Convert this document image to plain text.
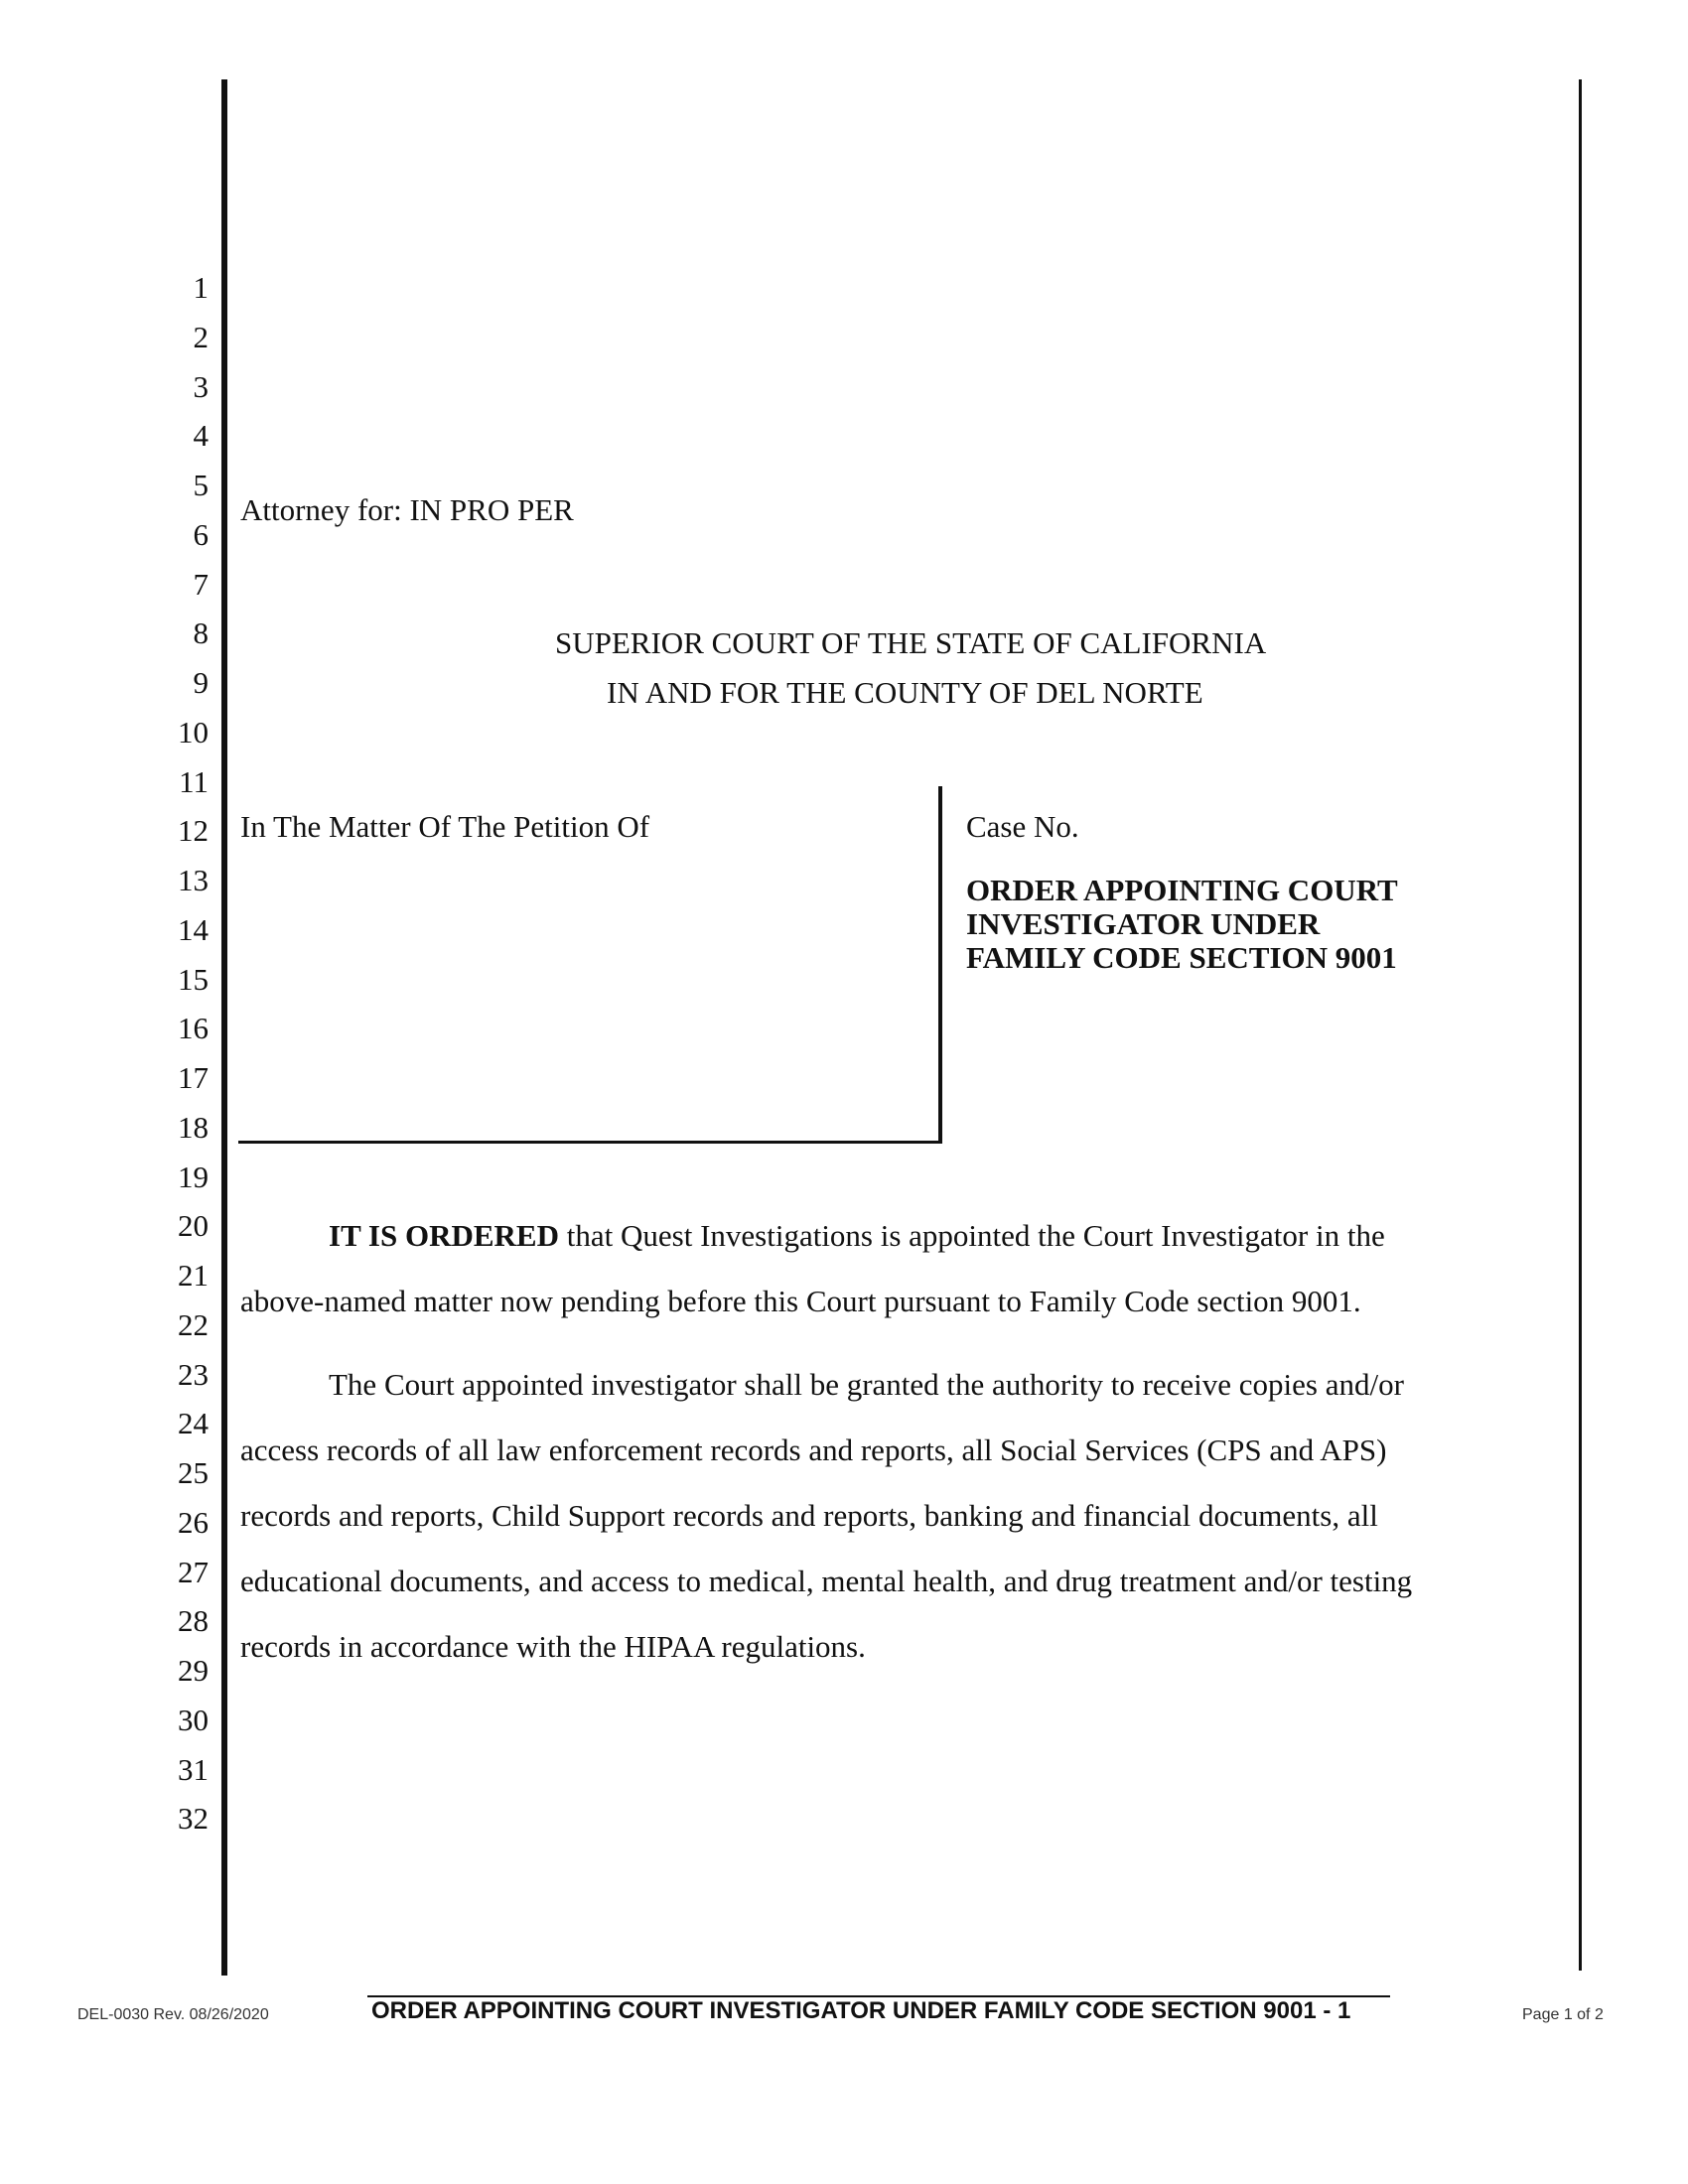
1
2
3
4
5
6
7
8
9
10
11
12
13
14
15
16
17
18
19
20
21
22
23
24
25
26
27
28
29
30
31
32
Attorney for: IN PRO PER
SUPERIOR COURT OF THE STATE OF CALIFORNIA
IN AND FOR THE COUNTY OF DEL NORTE
In The Matter Of The Petition Of	Case No.
ORDER APPOINTING COURT
INVESTIGATOR UNDER
FAMILY CODE SECTION 9001
IT IS ORDERED that Quest Investigations is appointed the Court Investigator in the
above-named matter now pending before this Court pursuant to Family Code section 9001.
The Court appointed investigator shall be granted the authority to receive copies and/or
access records of all law enforcement records and reports, all Social Services (CPS and APS)
records and reports, Child Support records and reports, banking and financial documents, all
educational documents, and access to medical, mental health, and drug treatment and/or testing
records in accordance with the HIPAA regulations.
DEL-0030 Rev. 08/26/2020	ORDER APPOINTING COURT INVESTIGATOR UNDER FAMILY CODE SECTION 9001 - 1	Page 1 of 2
